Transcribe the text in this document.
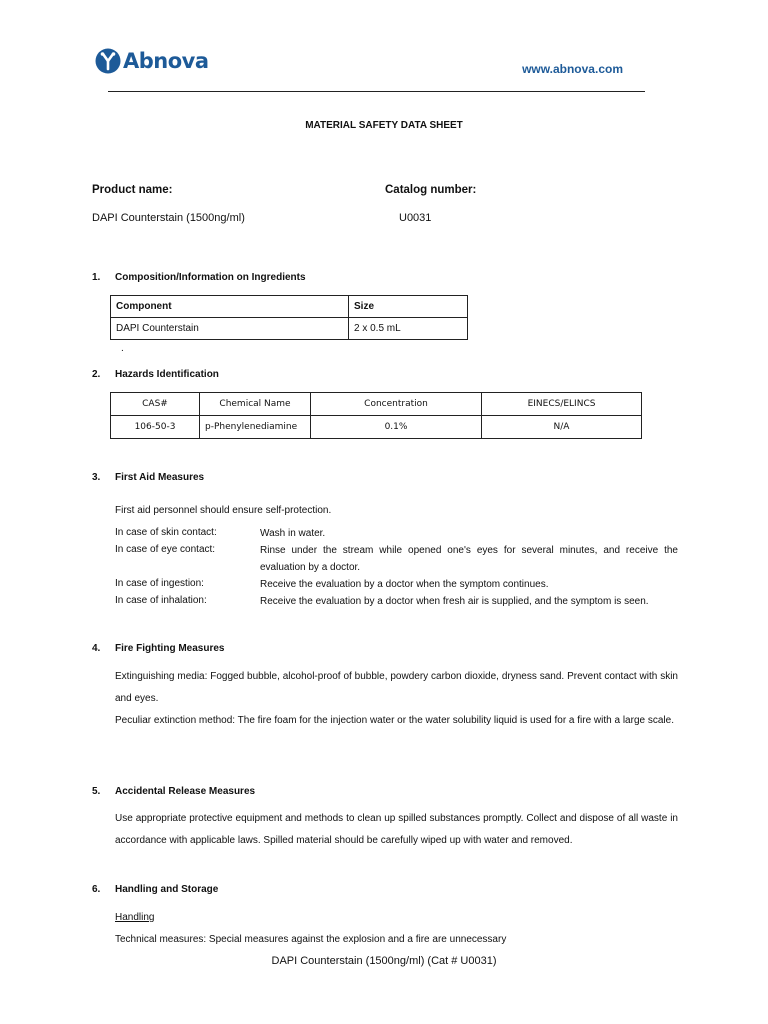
Abnova	www.abnova.com
MATERIAL SAFETY DATA SHEET
Product name:	Catalog number:
DAPI Counterstain (1500ng/ml)	U0031
1. Composition/Information on Ingredients
Component	Size
DAPI Counterstain	2 x 0.5 mL
.
2. Hazards Identification
CAS#	Chemical Name	Concentration	EINECS/ELINCS
106-50-3	p-Phenylenediamine	0.1%	N/A
3. First Aid Measures
First aid personnel should ensure self-protection.
In case of skin contact:	Wash in water.
In case of eye contact:	Rinse under the stream while opened one's eyes for several minutes, and receive the evaluation by a doctor.
In case of ingestion:	Receive the evaluation by a doctor when the symptom continues.
In case of inhalation:	Receive the evaluation by a doctor when fresh air is supplied, and the symptom is seen.
4. Fire Fighting Measures
Extinguishing media: Fogged bubble, alcohol-proof of bubble, powdery carbon dioxide, dryness sand. Prevent contact with skin and eyes.
Peculiar extinction method: The fire foam for the injection water or the water solubility liquid is used for a fire with a large scale.
5. Accidental Release Measures
Use appropriate protective equipment and methods to clean up spilled substances promptly. Collect and dispose of all waste in accordance with applicable laws. Spilled material should be carefully wiped up with water and removed.
6. Handling and Storage
Handling
Technical measures: Special measures against the explosion and a fire are unnecessary
DAPI Counterstain (1500ng/ml) (Cat # U0031)
